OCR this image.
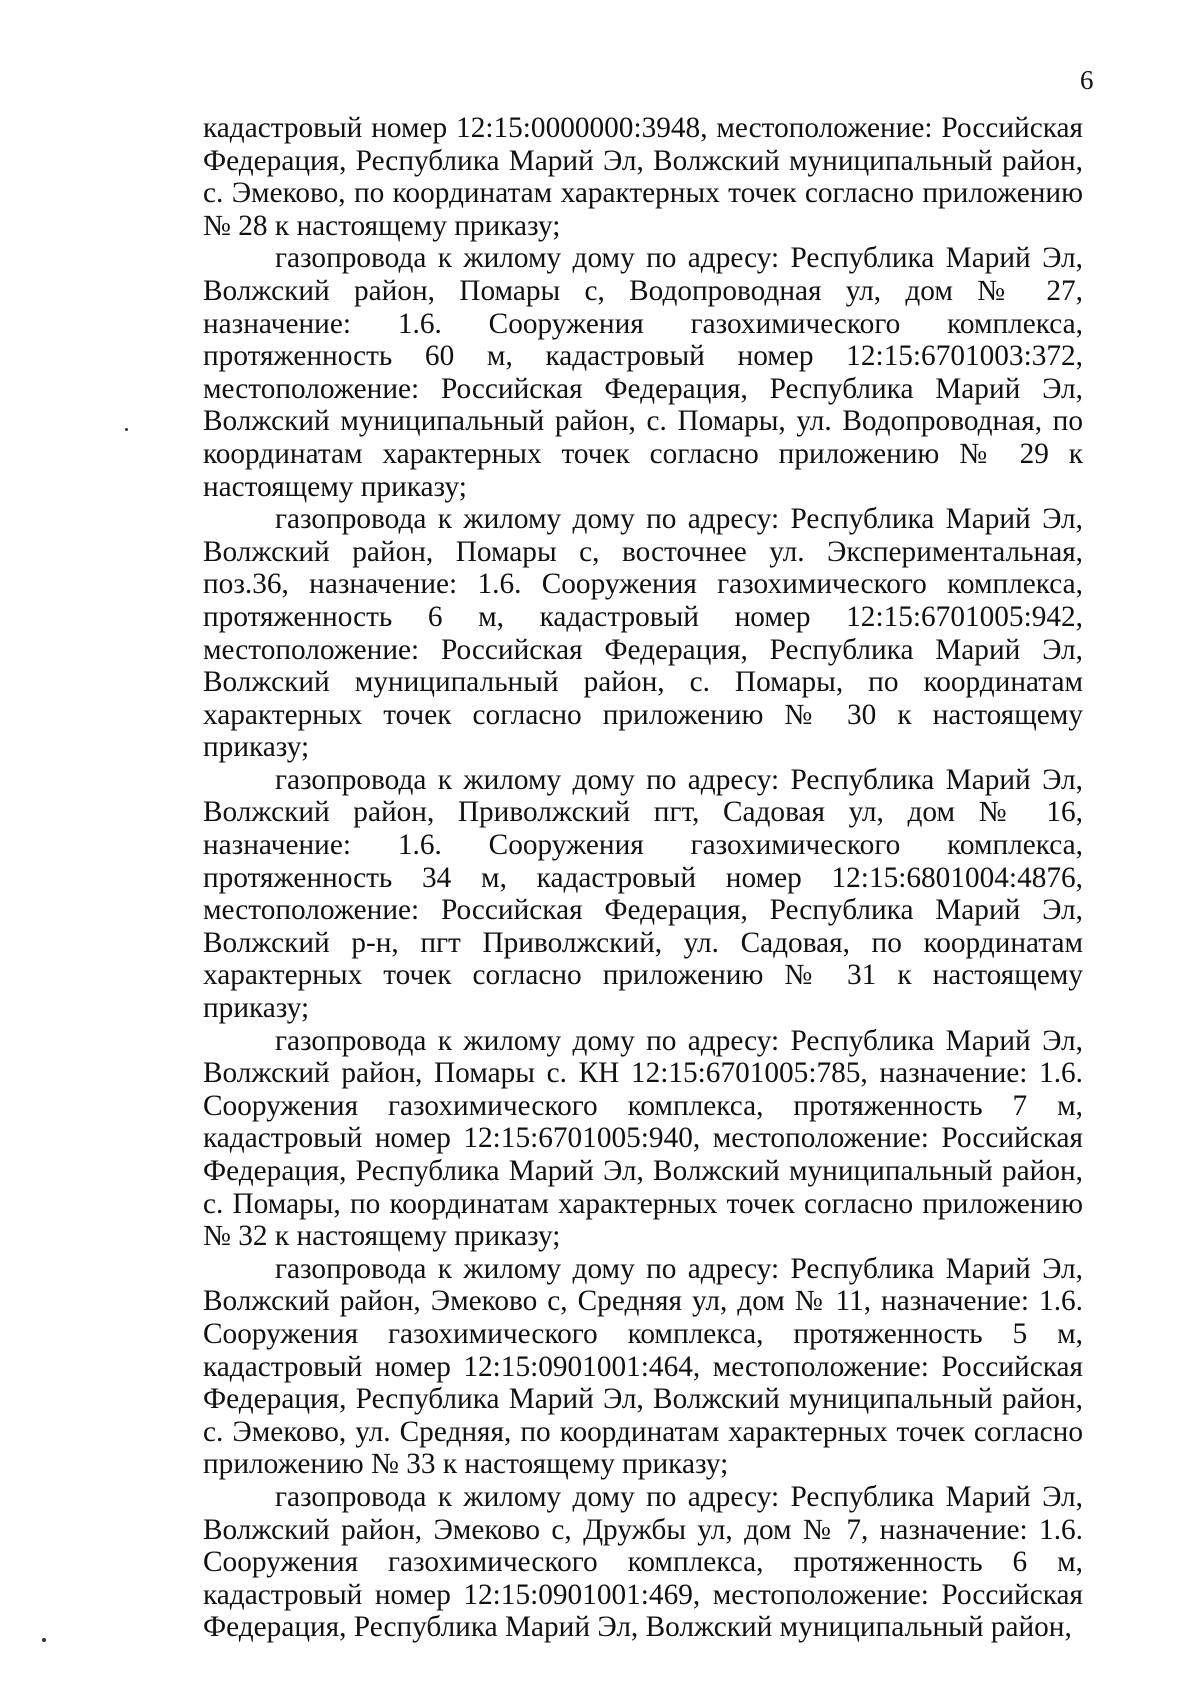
6

кадастровый номер 12:15:0000000:3948, местоположение: Российская Федерация, Республика Марий Эл, Волжский муниципальный район, с. Эмеково, по координатам характерных точек согласно приложению № 28 к настоящему приказу;

газопровода к жилому дому по адресу: Республика Марий Эл, Волжский район, Помары с, Водопроводная ул, дом № 27, назначение: 1.6. Сооружения газохимического комплекса, протяженность 60 м, кадастровый номер 12:15:6701003:372, местоположение: Российская Федерация, Республика Марий Эл, Волжский муниципальный район, с. Помары, ул. Водопроводная, по координатам характерных точек согласно приложению № 29 к настоящему приказу;

газопровода к жилому дому по адресу: Республика Марий Эл, Волжский район, Помары с, восточнее ул. Экспериментальная, поз.36, назначение: 1.6. Сооружения газохимического комплекса, протяженность 6 м, кадастровый номер 12:15:6701005:942, местоположение: Российская Федерация, Республика Марий Эл, Волжский муниципальный район, с. Помары, по координатам характерных точек согласно приложению № 30 к настоящему приказу;

газопровода к жилому дому по адресу: Республика Марий Эл, Волжский район, Приволжский пгт, Садовая ул, дом № 16, назначение: 1.6. Сооружения газохимического комплекса, протяженность 34 м, кадастровый номер 12:15:6801004:4876, местоположение: Российская Федерация, Республика Марий Эл, Волжский р-н, пгт Приволжский, ул. Садовая, по координатам характерных точек согласно приложению № 31 к настоящему приказу;

газопровода к жилому дому по адресу: Республика Марий Эл, Волжский район, Помары с. КН 12:15:6701005:785, назначение: 1.6. Сооружения газохимического комплекса, протяженность 7 м, кадастровый номер 12:15:6701005:940, местоположение: Российская Федерация, Республика Марий Эл, Волжский муниципальный район, с. Помары, по координатам характерных точек согласно приложению № 32 к настоящему приказу;

газопровода к жилому дому по адресу: Республика Марий Эл, Волжский район, Эмеково с, Средняя ул, дом № 11, назначение: 1.6. Сооружения газохимического комплекса, протяженность 5 м, кадастровый номер 12:15:0901001:464, местоположение: Российская Федерация, Республика Марий Эл, Волжский муниципальный район, с. Эмеково, ул. Средняя, по координатам характерных точек согласно приложению № 33 к настоящему приказу;

газопровода к жилому дому по адресу: Республика Марий Эл, Волжский район, Эмеково с, Дружбы ул, дом № 7, назначение: 1.6. Сооружения газохимического комплекса, протяженность 6 м, кадастровый номер 12:15:0901001:469, местоположение: Российская Федерация, Республика Марий Эл, Волжский муниципальный район,
